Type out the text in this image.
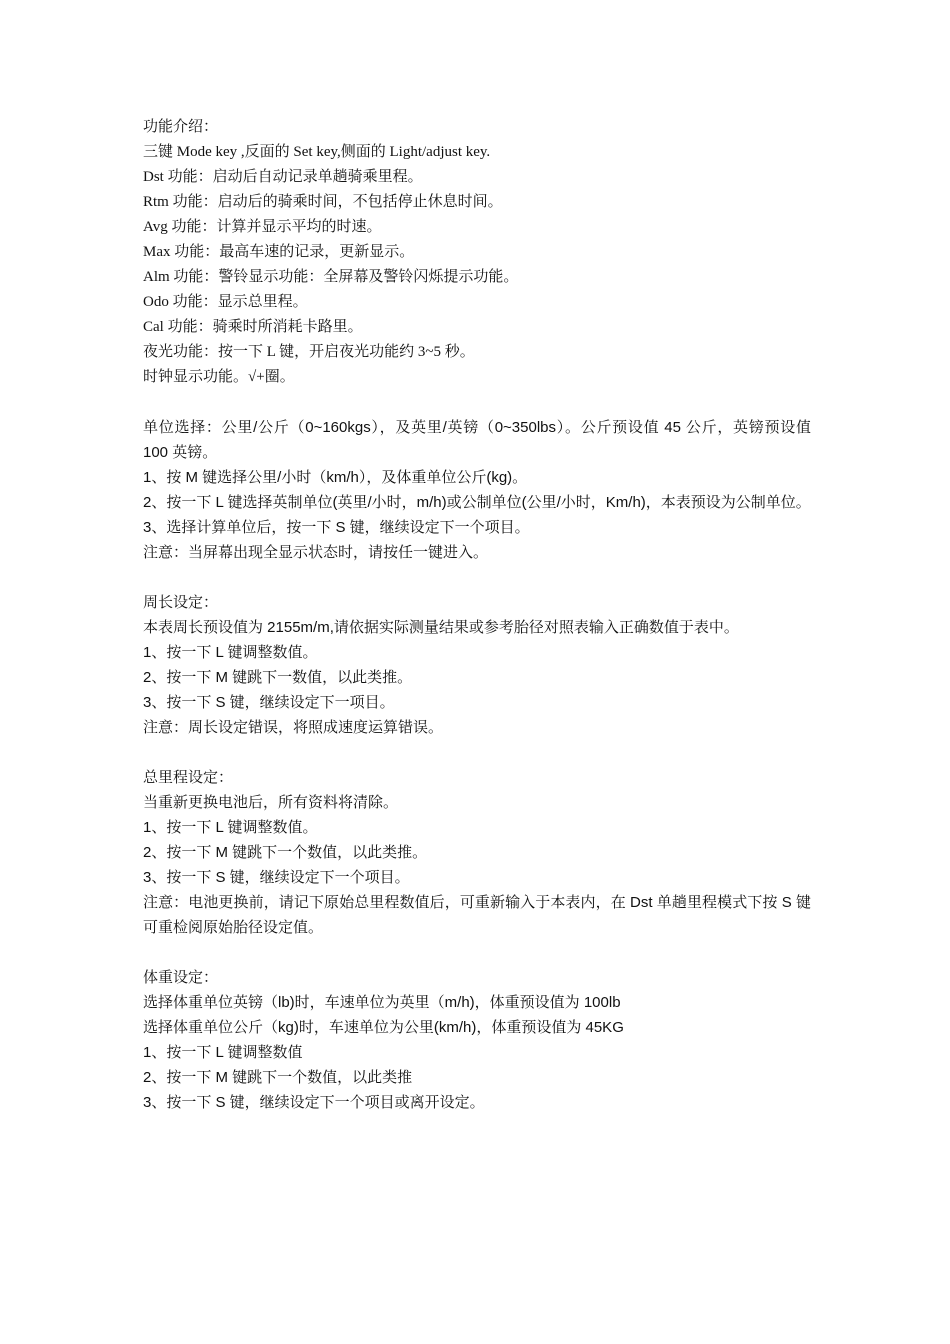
功能介绍：
三键 Mode key ,反面的 Set key,侧面的 Light/adjust key.
Dst 功能：启动后自动记录单趟骑乘里程。
Rtm 功能：启动后的骑乘时间，不包括停止休息时间。
Avg 功能：计算并显示平均的时速。
Max 功能：最高车速的记录，更新显示。
Alm 功能：警铃显示功能：全屏幕及警铃闪烁提示功能。
Odo 功能：显示总里程。
Cal 功能：骑乘时所消耗卡路里。
夜光功能：按一下 L 键，开启夜光功能约 3~5 秒。
时钟显示功能。√+圈。
单位选择：公里/公斤（0~160kgs），及英里/英镑（0~350lbs）。公斤预设值 45 公斤，英镑预设值 100 英镑。
1、按 M 键选择公里/小时（km/h），及体重单位公斤(kg)。
2、按一下 L 键选择英制单位(英里/小时，m/h)或公制单位(公里/小时，Km/h)，本表预设为公制单位。
3、选择计算单位后，按一下 S 键，继续设定下一个项目。
注意：当屏幕出现全显示状态时，请按任一键进入。
周长设定：
本表周长预设值为 2155m/m,请依据实际测量结果或参考胎径对照表输入正确数值于表中。
1、按一下 L 键调整数值。
2、按一下 M 键跳下一数值，以此类推。
3、按一下 S 键，继续设定下一项目。
注意：周长设定错误，将照成速度运算错误。
总里程设定：
当重新更换电池后，所有资料将清除。
1、按一下 L 键调整数值。
2、按一下 M 键跳下一个数值，以此类推。
3、按一下 S 键，继续设定下一个项目。
注意：电池更换前，请记下原始总里程数值后，可重新输入于本表内，在 Dst 单趟里程模式下按 S 键可重检阅原始胎径设定值。
体重设定：
选择体重单位英镑（lb)时，车速单位为英里（m/h)，体重预设值为 100lb
选择体重单位公斤（kg)时，车速单位为公里(km/h)，体重预设值为 45KG
1、按一下 L 键调整数值
2、按一下 M 键跳下一个数值，以此类推
3、按一下 S 键，继续设定下一个项目或离开设定。
